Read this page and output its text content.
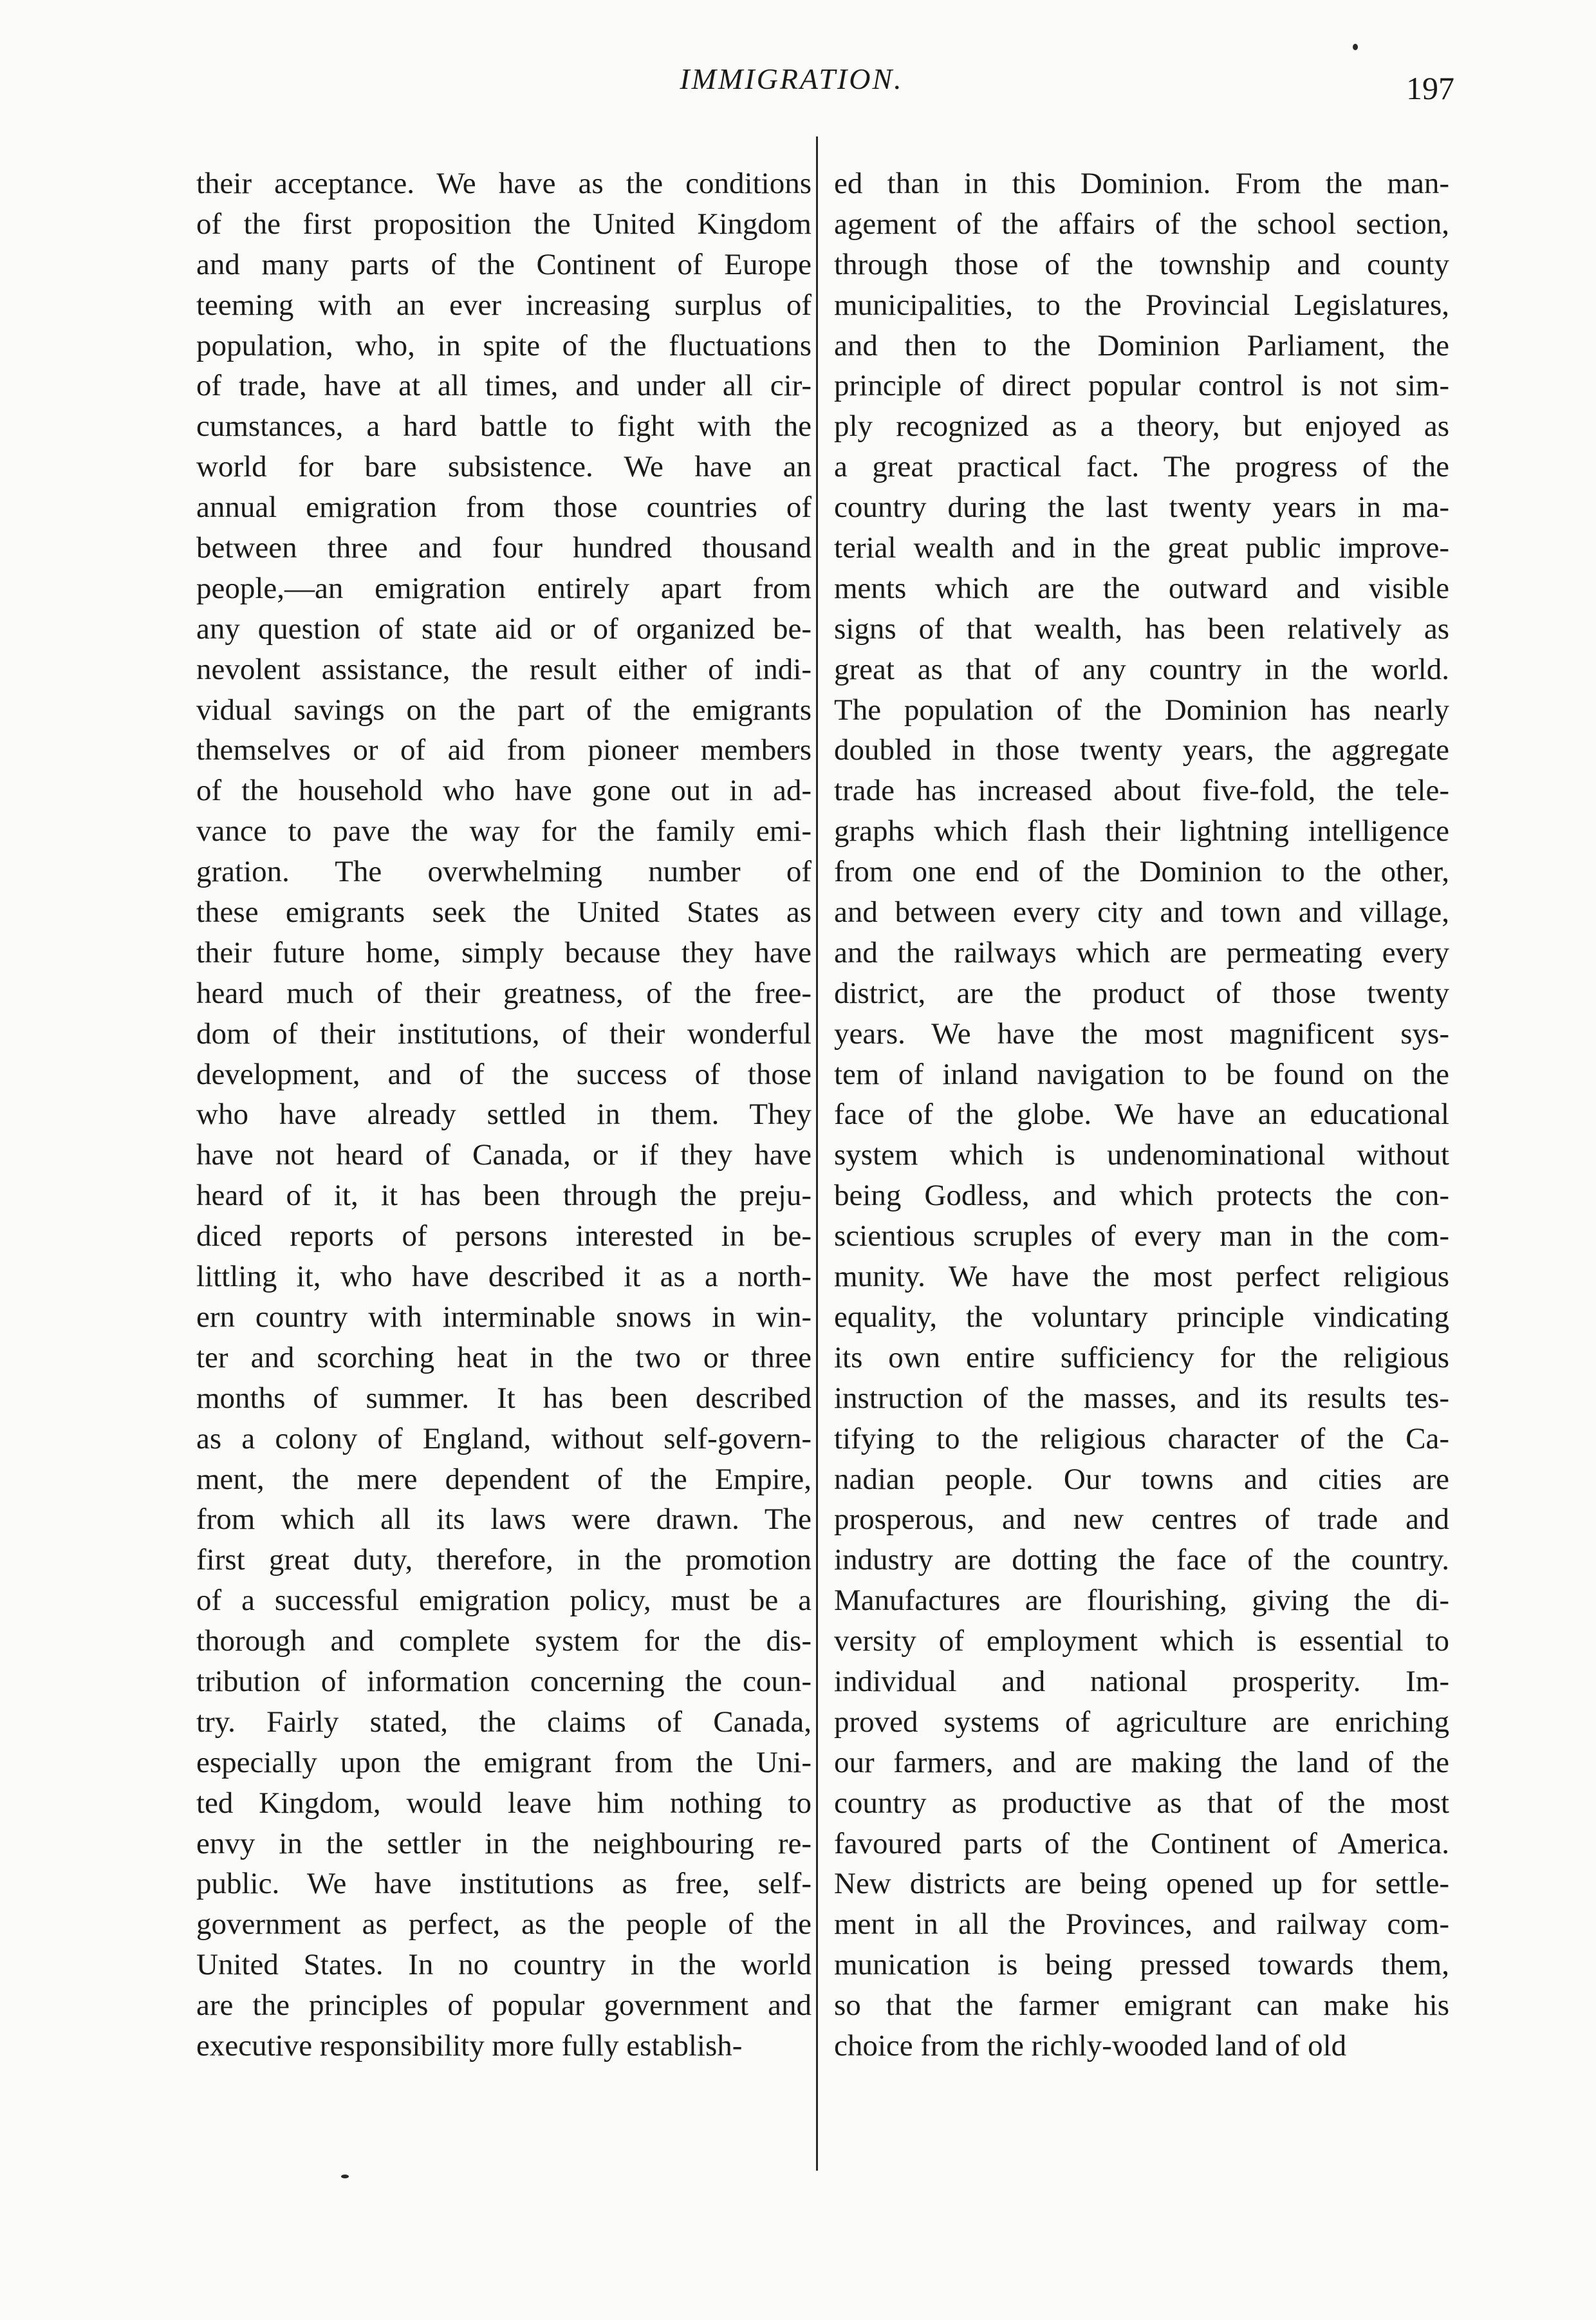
IMMIGRATION.	197
their acceptance. We have as the conditions
of the first proposition the United Kingdom
and many parts of the Continent of Europe
teeming with an ever increasing surplus of
population, who, in spite of the fluctuations
of trade, have at all times, and under all cir-
cumstances, a hard battle to fight with the
world for bare subsistence. We have an
annual emigration from those countries of
between three and four hundred thousand
people,—an emigration entirely apart from
any question of state aid or of organized be-
nevolent assistance, the result either of indi-
vidual savings on the part of the emigrants
themselves or of aid from pioneer members
of the household who have gone out in ad-
vance to pave the way for the family emi-
gration. The overwhelming number of
these emigrants seek the United States as
their future home, simply because they have
heard much of their greatness, of the free-
dom of their institutions, of their wonderful
development, and of the success of those
who have already settled in them. They
have not heard of Canada, or if they have
heard of it, it has been through the preju-
diced reports of persons interested in be-
littling it, who have described it as a north-
ern country with interminable snows in win-
ter and scorching heat in the two or three
months of summer. It has been described
as a colony of England, without self-govern-
ment, the mere dependent of the Empire,
from which all its laws were drawn. The
first great duty, therefore, in the promotion
of a successful emigration policy, must be a
thorough and complete system for the dis-
tribution of information concerning the coun-
try. Fairly stated, the claims of Canada,
especially upon the emigrant from the Uni-
ted Kingdom, would leave him nothing to
envy in the settler in the neighbouring re-
public. We have institutions as free, self-
government as perfect, as the people of the
United States. In no country in the world
are the principles of popular government and
executive responsibility more fully establish-
ed than in this Dominion. From the man-
agement of the affairs of the school section,
through those of the township and county
municipalities, to the Provincial Legislatures,
and then to the Dominion Parliament, the
principle of direct popular control is not sim-
ply recognized as a theory, but enjoyed as
a great practical fact. The progress of the
country during the last twenty years in ma-
terial wealth and in the great public improve-
ments which are the outward and visible
signs of that wealth, has been relatively as
great as that of any country in the world.
The population of the Dominion has nearly
doubled in those twenty years, the aggregate
trade has increased about five-fold, the tele-
graphs which flash their lightning intelligence
from one end of the Dominion to the other,
and between every city and town and village,
and the railways which are permeating every
district, are the product of those twenty
years. We have the most magnificent sys-
tem of inland navigation to be found on the
face of the globe. We have an educational
system which is undenominational without
being Godless, and which protects the con-
scientious scruples of every man in the com-
munity. We have the most perfect religious
equality, the voluntary principle vindicating
its own entire sufficiency for the religious
instruction of the masses, and its results tes-
tifying to the religious character of the Ca-
nadian people. Our towns and cities are
prosperous, and new centres of trade and
industry are dotting the face of the country.
Manufactures are flourishing, giving the di-
versity of employment which is essential to
individual and national prosperity. Im-
proved systems of agriculture are enriching
our farmers, and are making the land of the
country as productive as that of the most
favoured parts of the Continent of America.
New districts are being opened up for settle-
ment in all the Provinces, and railway com-
munication is being pressed towards them,
so that the farmer emigrant can make his
choice from the richly-wooded land of old
